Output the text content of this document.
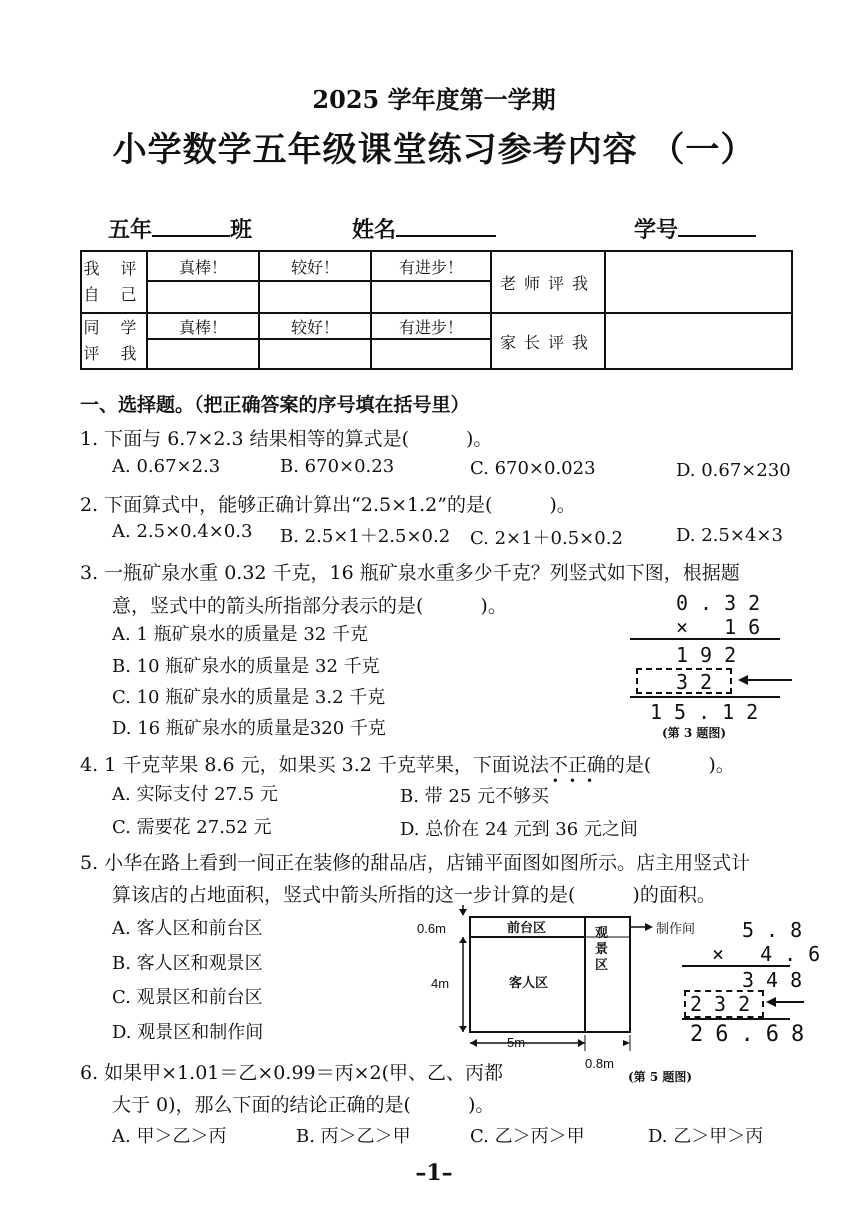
2025 学年度第一学期
小学数学五年级课堂练习参考内容 （一）
五年	班	姓名	学号
我 评
自 己	真棒！	较好！	有进步！	老师评我	

同 学
评 我	真棒！	较好！	有进步！	家长评我	

一、选择题。（把正确答案的序号填在括号里）
1. 下面与 6.7×2.3 结果相等的算式是(　　　)。
A. 0.67×2.3	B. 670×0.23	C. 670×0.023	D. 0.67×230
2. 下面算式中，能够正确计算出“2.5×1.2”的是(　　　)。
A. 2.5×0.4×0.3 B. 2.5×1＋2.5×0.2 C. 2×1＋0.5×0.2	D. 2.5×4×3
3. 一瓶矿泉水重 0.32 千克，16 瓶矿泉水重多少千克？列竖式如下图，根据题
意，竖式中的箭头所指部分表示的是(　　　)。
A. 1 瓶矿泉水的质量是 32 千克
B. 10 瓶矿泉水的质量是 32 千克
C. 10 瓶矿泉水的质量是 3.2 千克
D. 16 瓶矿泉水的质量是320 千克
0.32
× 16
192
32
15.12
(第 3 题图)
4. 1 千克苹果 8.6 元，如果买 3.2 千克苹果，下面说法不正确
•••
的是(　　　)。
A. 实际支付 27.5 元	B. 带 25 元不够买
C. 需要花 27.52 元	D. 总价在 24 元到 36 元之间
5. 小华在路上看到一间正在装修的甜品店，店铺平面图如图所示。店主用竖式计
算该店的占地面积，竖式中箭头所指的这一步计算的是(　　　)的面积。
A. 客人区和前台区
B. 客人区和观景区
C. 观景区和前台区
D. 观景区和制作间
0.6m	前台区
4m	客人区
5m
0.8m
观景区
制作间 5.8
× 4.6
348
232
26.68
(第 5 题图)
6. 如果甲×1.01＝乙×0.99＝丙×2(甲、乙、丙都
大于 0)，那么下面的结论正确的是(　　　)。
A. 甲＞乙＞丙	B. 丙＞乙＞甲	C. 乙＞丙＞甲	D. 乙＞甲＞丙
–1–
